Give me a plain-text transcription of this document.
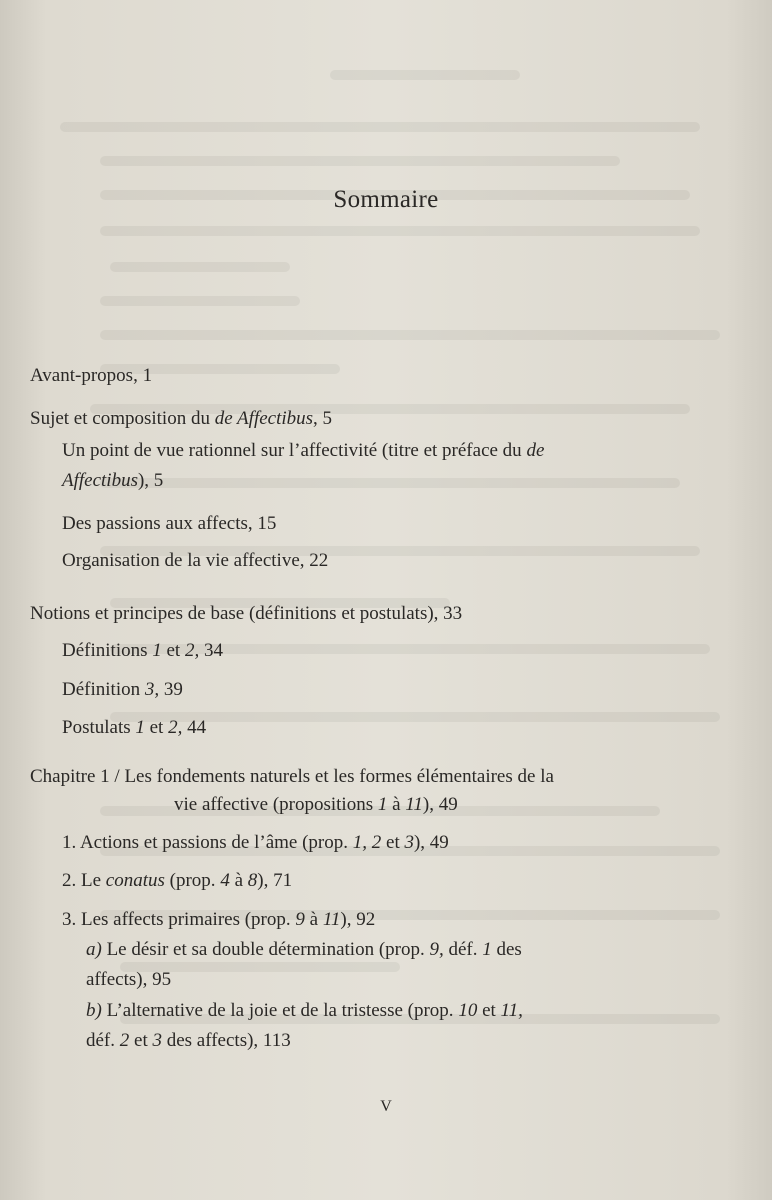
Sommaire
Avant-propos, 1
Sujet et composition du de Affectibus, 5
Un point de vue rationnel sur l’affectivité (titre et préface du de
Affectibus), 5
Des passions aux affects, 15
Organisation de la vie affective, 22
Notions et principes de base (définitions et postulats), 33
Définitions 1 et 2, 34
Définition 3, 39
Postulats 1 et 2, 44
Chapitre 1 / Les fondements naturels et les formes élémentaires de la
vie affective (propositions 1 à 11), 49
1. Actions et passions de l’âme (prop. 1, 2 et 3), 49
2. Le conatus (prop. 4 à 8), 71
3. Les affects primaires (prop. 9 à 11), 92
a) Le désir et sa double détermination (prop. 9, déf. 1 des
affects), 95
b) L’alternative de la joie et de la tristesse (prop. 10 et 11,
déf. 2 et 3 des affects), 113
V
